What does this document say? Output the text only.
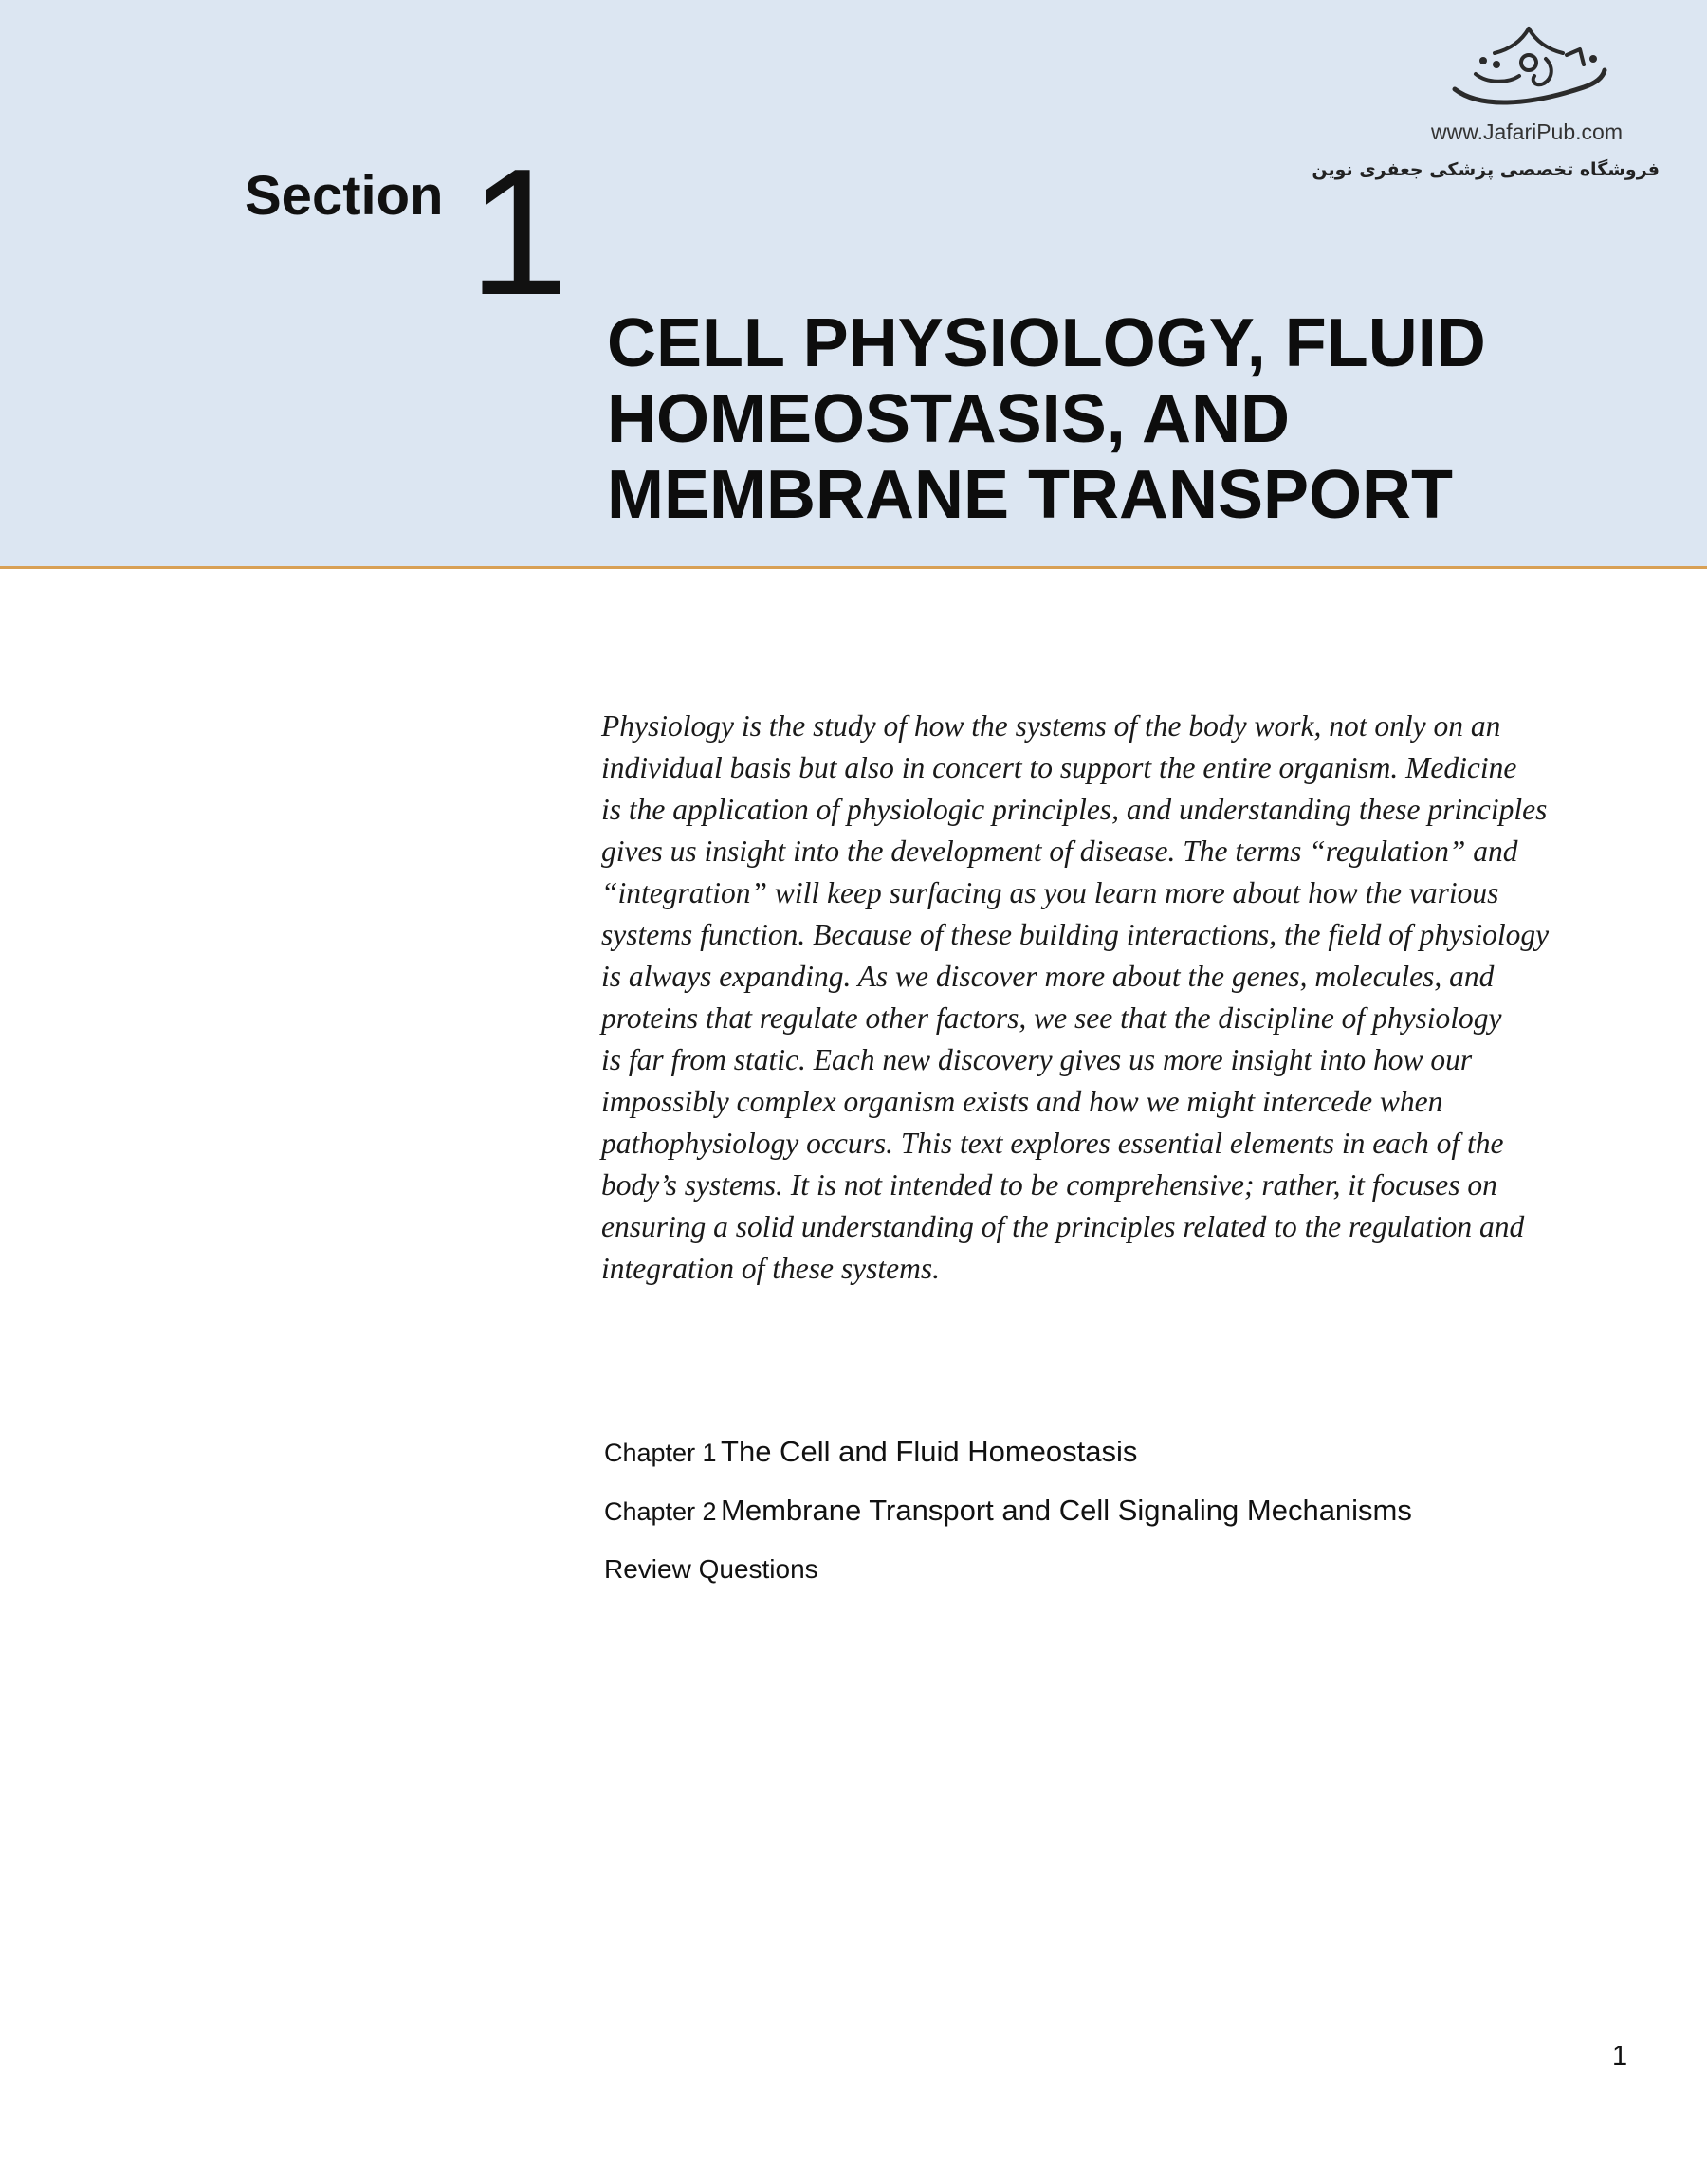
Section 1
CELL PHYSIOLOGY, FLUID
HOMEOSTASIS, AND
MEMBRANE TRANSPORT
www.JafariPub.com
فروشگاه تخصصی پزشکی جعفری نوین

Physiology is the study of how the systems of the body work, not only on an
individual basis but also in concert to support the entire organism. Medicine
is the application of physiologic principles, and understanding these principles
gives us insight into the development of disease. The terms “regulation” and
“integration” will keep surfacing as you learn more about how the various
systems function. Because of these building interactions, the field of physiology
is always expanding. As we discover more about the genes, molecules, and
proteins that regulate other factors, we see that the discipline of physiology
is far from static. Each new discovery gives us more insight into how our
impossibly complex organism exists and how we might intercede when
pathophysiology occurs. This text explores essential elements in each of the
body’s systems. It is not intended to be comprehensive; rather, it focuses on
ensuring a solid understanding of the principles related to the regulation and
integration of these systems.

Chapter 1 The Cell and Fluid Homeostasis
Chapter 2 Membrane Transport and Cell Signaling Mechanisms
Review Questions
1
